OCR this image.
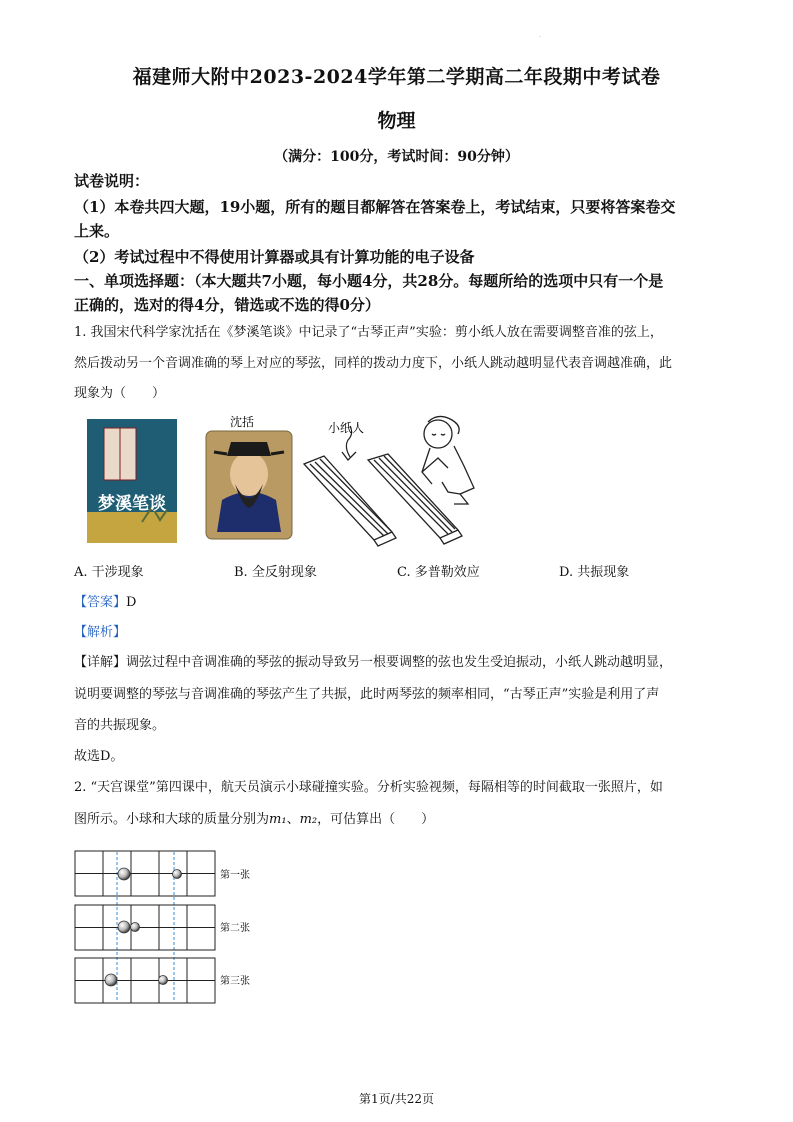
·
福建师大附中2023-2024学年第二学期高二年段期中考试卷
物理
（满分：100分，考试时间：90分钟）
试卷说明：
（1）本卷共四大题，19小题，所有的题目都解答在答案卷上，考试结束，只要将答案卷交
上来。
（2）考试过程中不得使用计算器或具有计算功能的电子设备
一、单项选择题：（本大题共7小题，每小题4分，共28分。每题所给的选项中只有一个是
正确的，选对的得4分，错选或不选的得0分）
1. 我国宋代科学家沈括在《梦溪笔谈》中记录了“古琴正声”实验：剪小纸人放在需要调整音准的弦上，
然后拨动另一个音调准确的琴上对应的琴弦，同样的拨动力度下，小纸人跳动越明显代表音调越准确，此
现象为（　　）
梦溪笔谈
沈括	小纸人
A. 干涉现象	B. 全反射现象	C. 多普勒效应	D. 共振现象
【答案】D
【解析】
【详解】调弦过程中音调准确的琴弦的振动导致另一根要调整的弦也发生受迫振动，小纸人跳动越明显，
说明要调整的琴弦与音调准确的琴弦产生了共振，此时两琴弦的频率相同，“古琴正声”实验是利用了声
音的共振现象。
故选D。
2. “天宫课堂”第四课中，航天员演示小球碰撞实验。分析实验视频，每隔相等的时间截取一张照片，如
图所示。小球和大球的质量分别为m₁、m₂，可估算出（　　）
第一张
第二张
第三张
第1页/共22页
